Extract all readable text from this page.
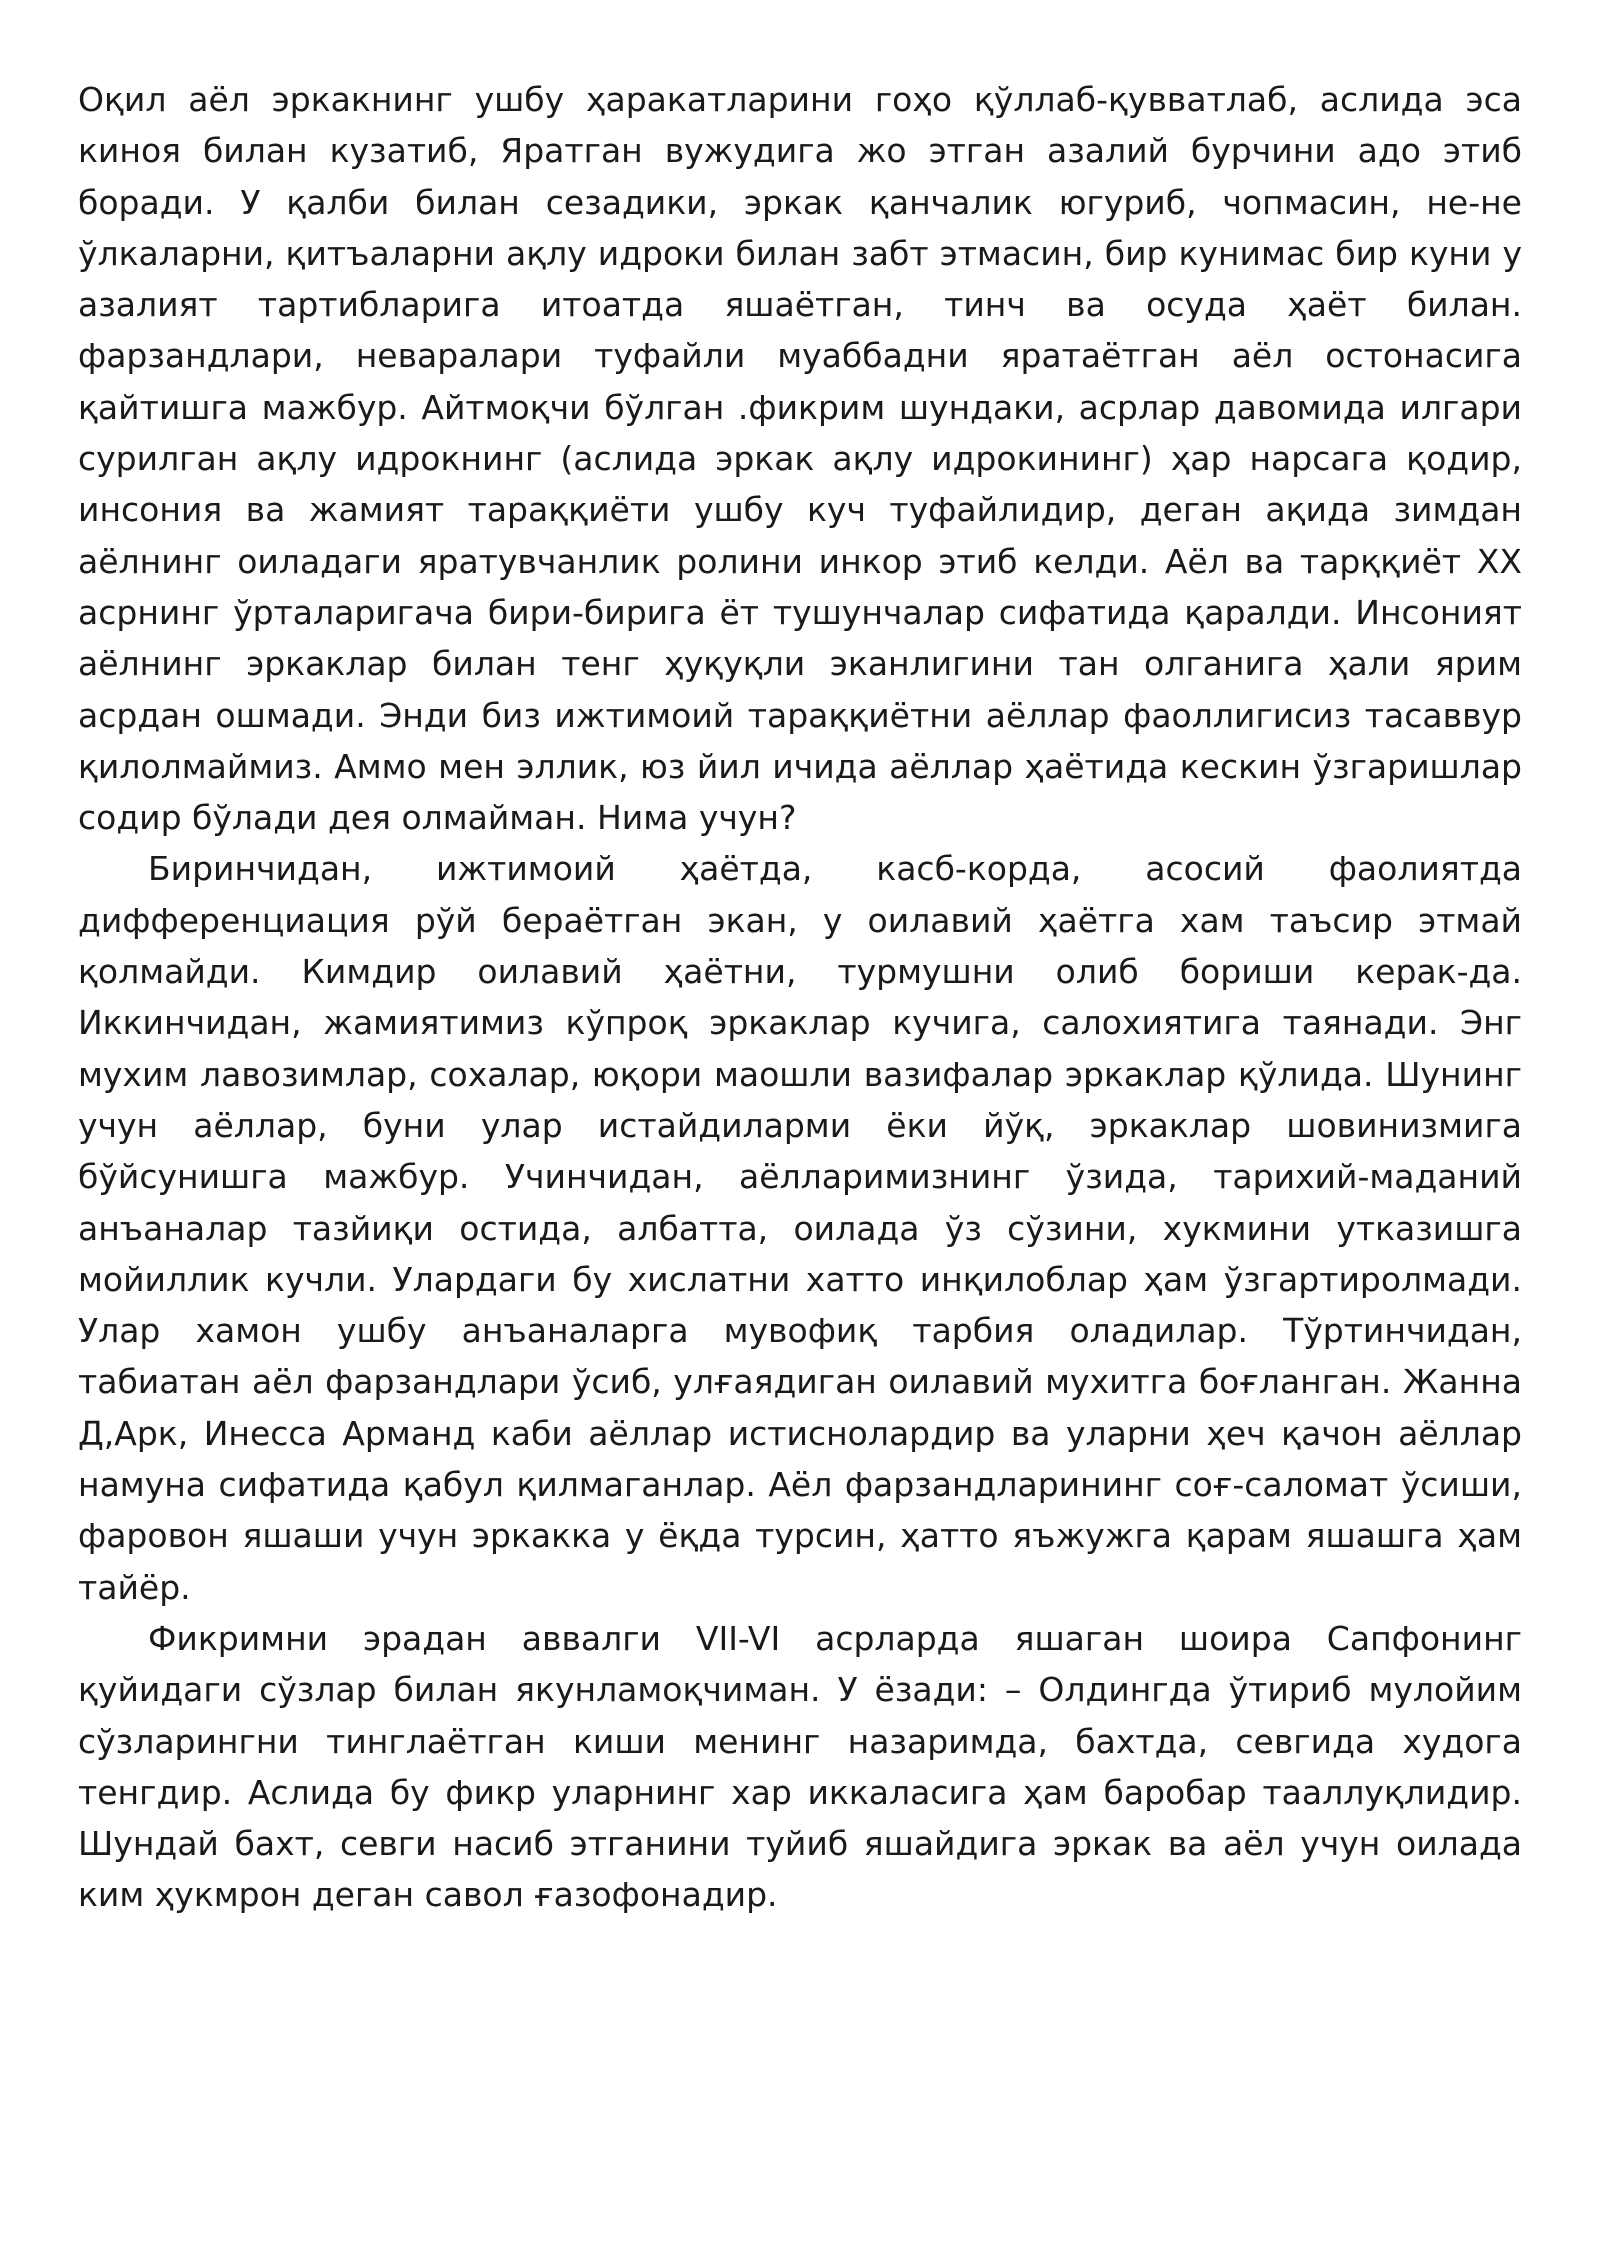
Оқил аёл эркакнинг ушбу ҳаракатларини гоҳо қўллаб-қувватлаб, аслида эса киноя билан кузатиб, Яратган вужудига жо этган азалий бурчини адо этиб боради. У қалби билан сезадики, эркак қанчалик югуриб, чопмасин, не-не ўлкаларни, қитъаларни ақлу идроки билан забт этмасин, бир кунимас бир куни у азалият тартибларига итоатда яшаётган, тинч ва осуда ҳаёт билан. фарзандлари, невaралари туфайли муаббадни яратаётган аёл остонасига қайтишга мажбур. Айтмоқчи бўлган .фикрим шундаки, асрлар давомида илгари сурилган ақлу идрокнинг (аслида эркак ақлу идрокининг) ҳар нарсага қодир, инсония ва жамият тараққиёти ушбу куч туфайлидир, деган ақида зимдан аёлнинг оиладаги яратувчанлик ролини инкор этиб келди. Аёл ва тарққиёт XX асрнинг ўрталаригача бири-бирига ёт тушунчалар сифатида қаралди. Инсоният аёлнинг эркаклар билан тенг ҳуқуқли эканлигини тан олганига ҳали ярим асрдан ошмади. Энди биз ижтимоий тараққиётни аёллар фаоллигисиз тасаввур қилолмаймиз. Аммо мен эллик, юз йил ичида аёллар ҳаётида кескин ўзгаришлар содир бўлади дея олмайман. Нима учун?

Биринчидан, ижтимоий ҳаётда, касб-корда, асосий фаолиятда дифференциация рўй бераётган экан, у оилавий ҳаётга хам таъсир этмай қолмайди. Кимдир оилавий ҳаётни, турмушни олиб бориши керак-да. Иккинчидан, жамиятимиз кўпроқ эркаклар кучига, салохиятига таянади. Энг мухим лавозимлар, сохалар, юқори маошли вазифалар эркаклар қўлида. Шунинг учун аёллар, буни улар истайдиларми ёки йўқ, эркаклар шовинизмига бўйсунишга мажбур. Учинчидан, аёлларимизнинг ўзида, тарихий-маданий анъаналар тазйиқи остида, албатта, оилада ўз сўзини, хукмини утказишга мойиллик кучли. Улардаги бу хислатни хатто инқилоблар ҳам ўзгартиролмади. Улар хамон ушбу анъаналарга мувофиқ тарбия оладилар. Тўртинчидан, табиатан аёл фарзандлари ўсиб, улғаядиган оилавий мухитга боғланган. Жанна Д,Арк, Инесса Арманд каби аёллар истиснолардир ва уларни ҳеч қачон аёллар намуна сифатида қабул қилмаганлар. Аёл фарзандларининг соғ-саломат ўсиши, фаровон яшаши учун эркакка у ёқда турсин, ҳатто яъжужга қарам яшашга ҳам тайёр.

Фикримни эрадан аввалги VII-VI асрларда яшаган шоира Сапфонинг қуйидаги сўзлар билан якунламоқчиман. У ёзади: – Олдингда ўтириб мулойим сўзларингни тинглаётган киши менинг назаримда, бахтда, севгида худога тенгдир. Аслида бу фикр уларнинг хар иккаласига ҳам баробар тааллуқлидир. Шундай бахт, севги насиб этганини туйиб яшайдига эркак ва аёл учун оилада ким ҳукмрон деган савол ғазофонадир.
